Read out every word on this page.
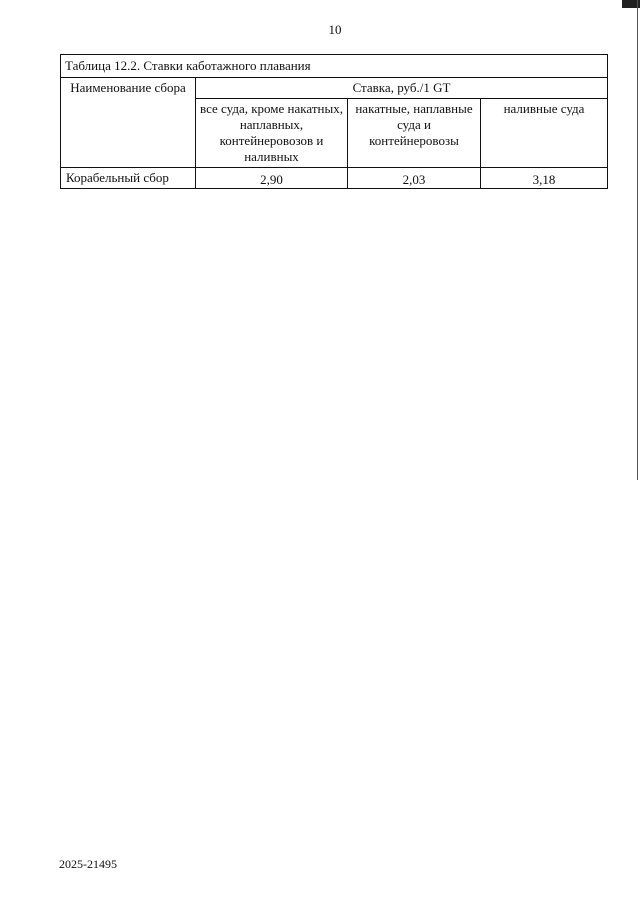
10
Таблица 12.2. Ставки каботажного плавания			
Наименование сбора	Ставка, руб./1 GT		
	все суда, кроме накатных, наплавных, контейнеровозов и наливных	накатные, наплавные суда и контейнеровозы	наливные суда
Корабельный сбор	2,90	2,03	3,18
2025-21495
